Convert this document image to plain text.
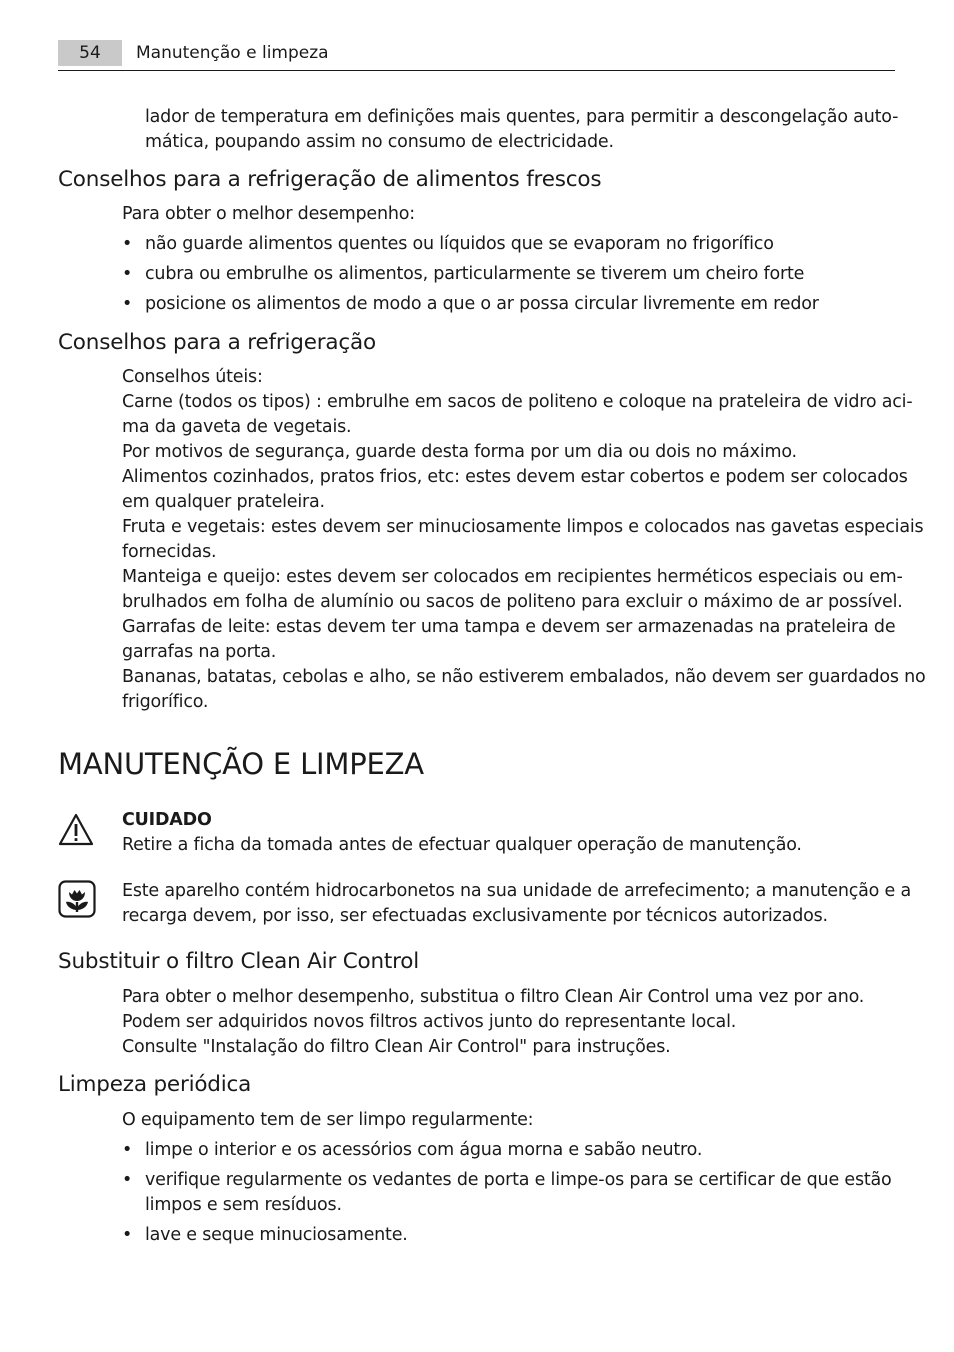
54	Manutenção e limpeza
lador de temperatura em definições mais quentes, para permitir a descongelação auto-
mática, poupando assim no consumo de electricidade.
Conselhos para a refrigeração de alimentos frescos
Para obter o melhor desempenho:
• não guarde alimentos quentes ou líquidos que se evaporam no frigorífico
• cubra ou embrulhe os alimentos, particularmente se tiverem um cheiro forte
• posicione os alimentos de modo a que o ar possa circular livremente em redor
Conselhos para a refrigeração
Conselhos úteis:
Carne (todos os tipos) : embrulhe em sacos de politeno e coloque na prateleira de vidro aci-
ma da gaveta de vegetais.
Por motivos de segurança, guarde desta forma por um dia ou dois no máximo.
Alimentos cozinhados, pratos frios, etc: estes devem estar cobertos e podem ser colocados
em qualquer prateleira.
Fruta e vegetais: estes devem ser minuciosamente limpos e colocados nas gavetas especiais
fornecidas.
Manteiga e queijo: estes devem ser colocados em recipientes herméticos especiais ou em-
brulhados em folha de alumínio ou sacos de politeno para excluir o máximo de ar possível.
Garrafas de leite: estas devem ter uma tampa e devem ser armazenadas na prateleira de
garrafas na porta.
Bananas, batatas, cebolas e alho, se não estiverem embalados, não devem ser guardados no
frigorífico.
MANUTENÇÃO E LIMPEZA
CUIDADO
Retire a ficha da tomada antes de efectuar qualquer operação de manutenção.
Este aparelho contém hidrocarbonetos na sua unidade de arrefecimento; a manutenção e a
recarga devem, por isso, ser efectuadas exclusivamente por técnicos autorizados.
Substituir o filtro Clean Air Control
Para obter o melhor desempenho, substitua o filtro Clean Air Control uma vez por ano.
Podem ser adquiridos novos filtros activos junto do representante local.
Consulte "Instalação do filtro Clean Air Control" para instruções.
Limpeza periódica
O equipamento tem de ser limpo regularmente:
• limpe o interior e os acessórios com água morna e sabão neutro.
• verifique regularmente os vedantes de porta e limpe-os para se certificar de que estão
limpos e sem resíduos.
• lave e seque minuciosamente.
